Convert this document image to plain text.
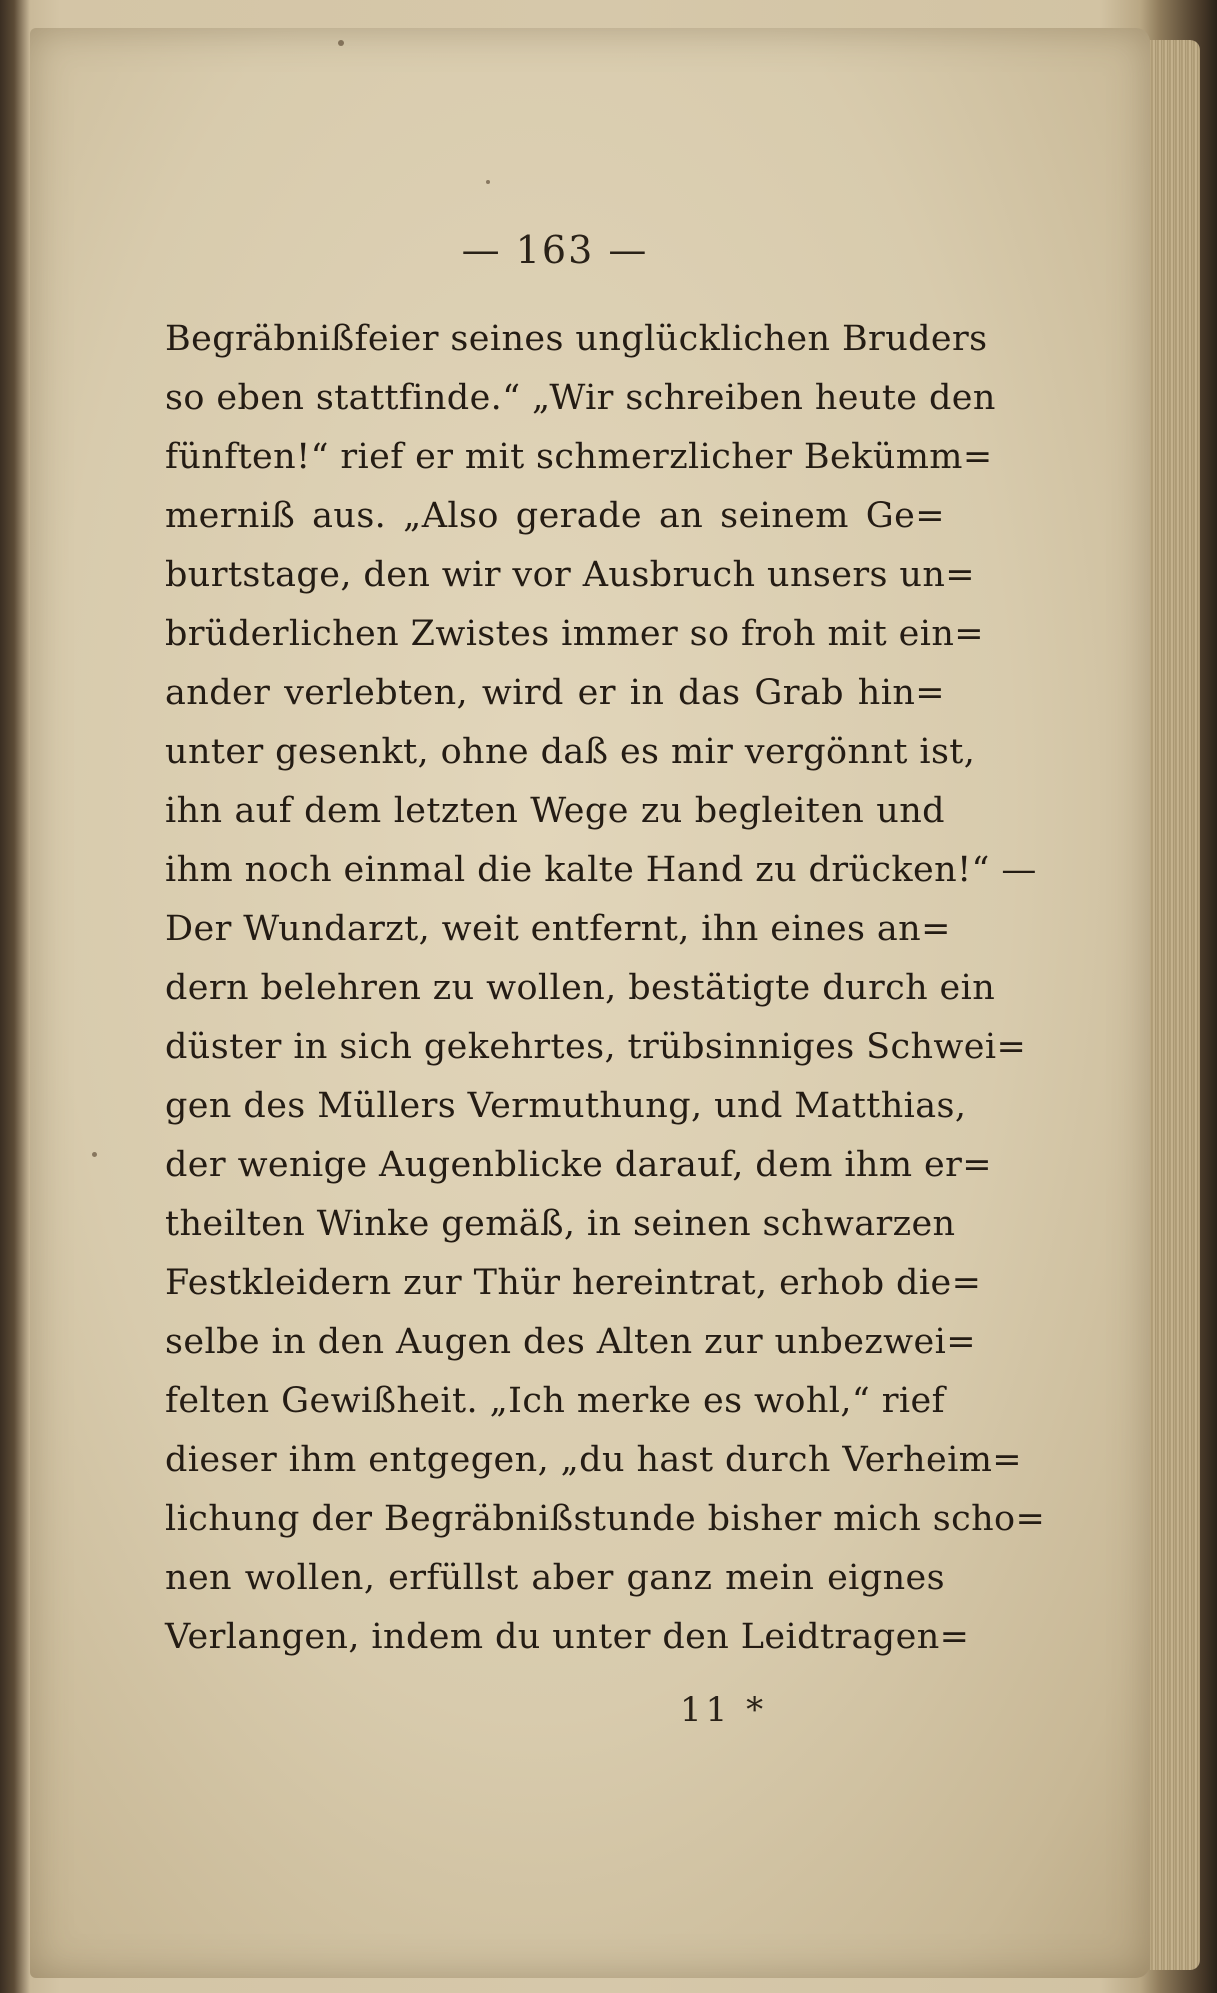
— 163 —
Begräbnißfeier seines unglücklichen Bruders
so eben stattfinde.“ „Wir schreiben heute den
fünften!“ rief er mit schmerzlicher Bekümm=
merniß aus. „Also gerade an seinem Ge=
burtstage, den wir vor Ausbruch unsers un=
brüderlichen Zwistes immer so froh mit ein=
ander verlebten, wird er in das Grab hin=
unter gesenkt, ohne daß es mir vergönnt ist,
ihn auf dem letzten Wege zu begleiten und
ihm noch einmal die kalte Hand zu drücken!“ —
Der Wundarzt, weit entfernt, ihn eines an=
dern belehren zu wollen, bestätigte durch ein
düster in sich gekehrtes, trübsinniges Schwei=
gen des Müllers Vermuthung, und Matthias,
der wenige Augenblicke darauf, dem ihm er=
theilten Winke gemäß, in seinen schwarzen
Festkleidern zur Thür hereintrat, erhob die=
selbe in den Augen des Alten zur unbezwei=
felten Gewißheit. „Ich merke es wohl,“ rief
dieser ihm entgegen, „du hast durch Verheim=
lichung der Begräbnißstunde bisher mich scho=
nen wollen, erfüllst aber ganz mein eignes
Verlangen, indem du unter den Leidtragen=
11 *
